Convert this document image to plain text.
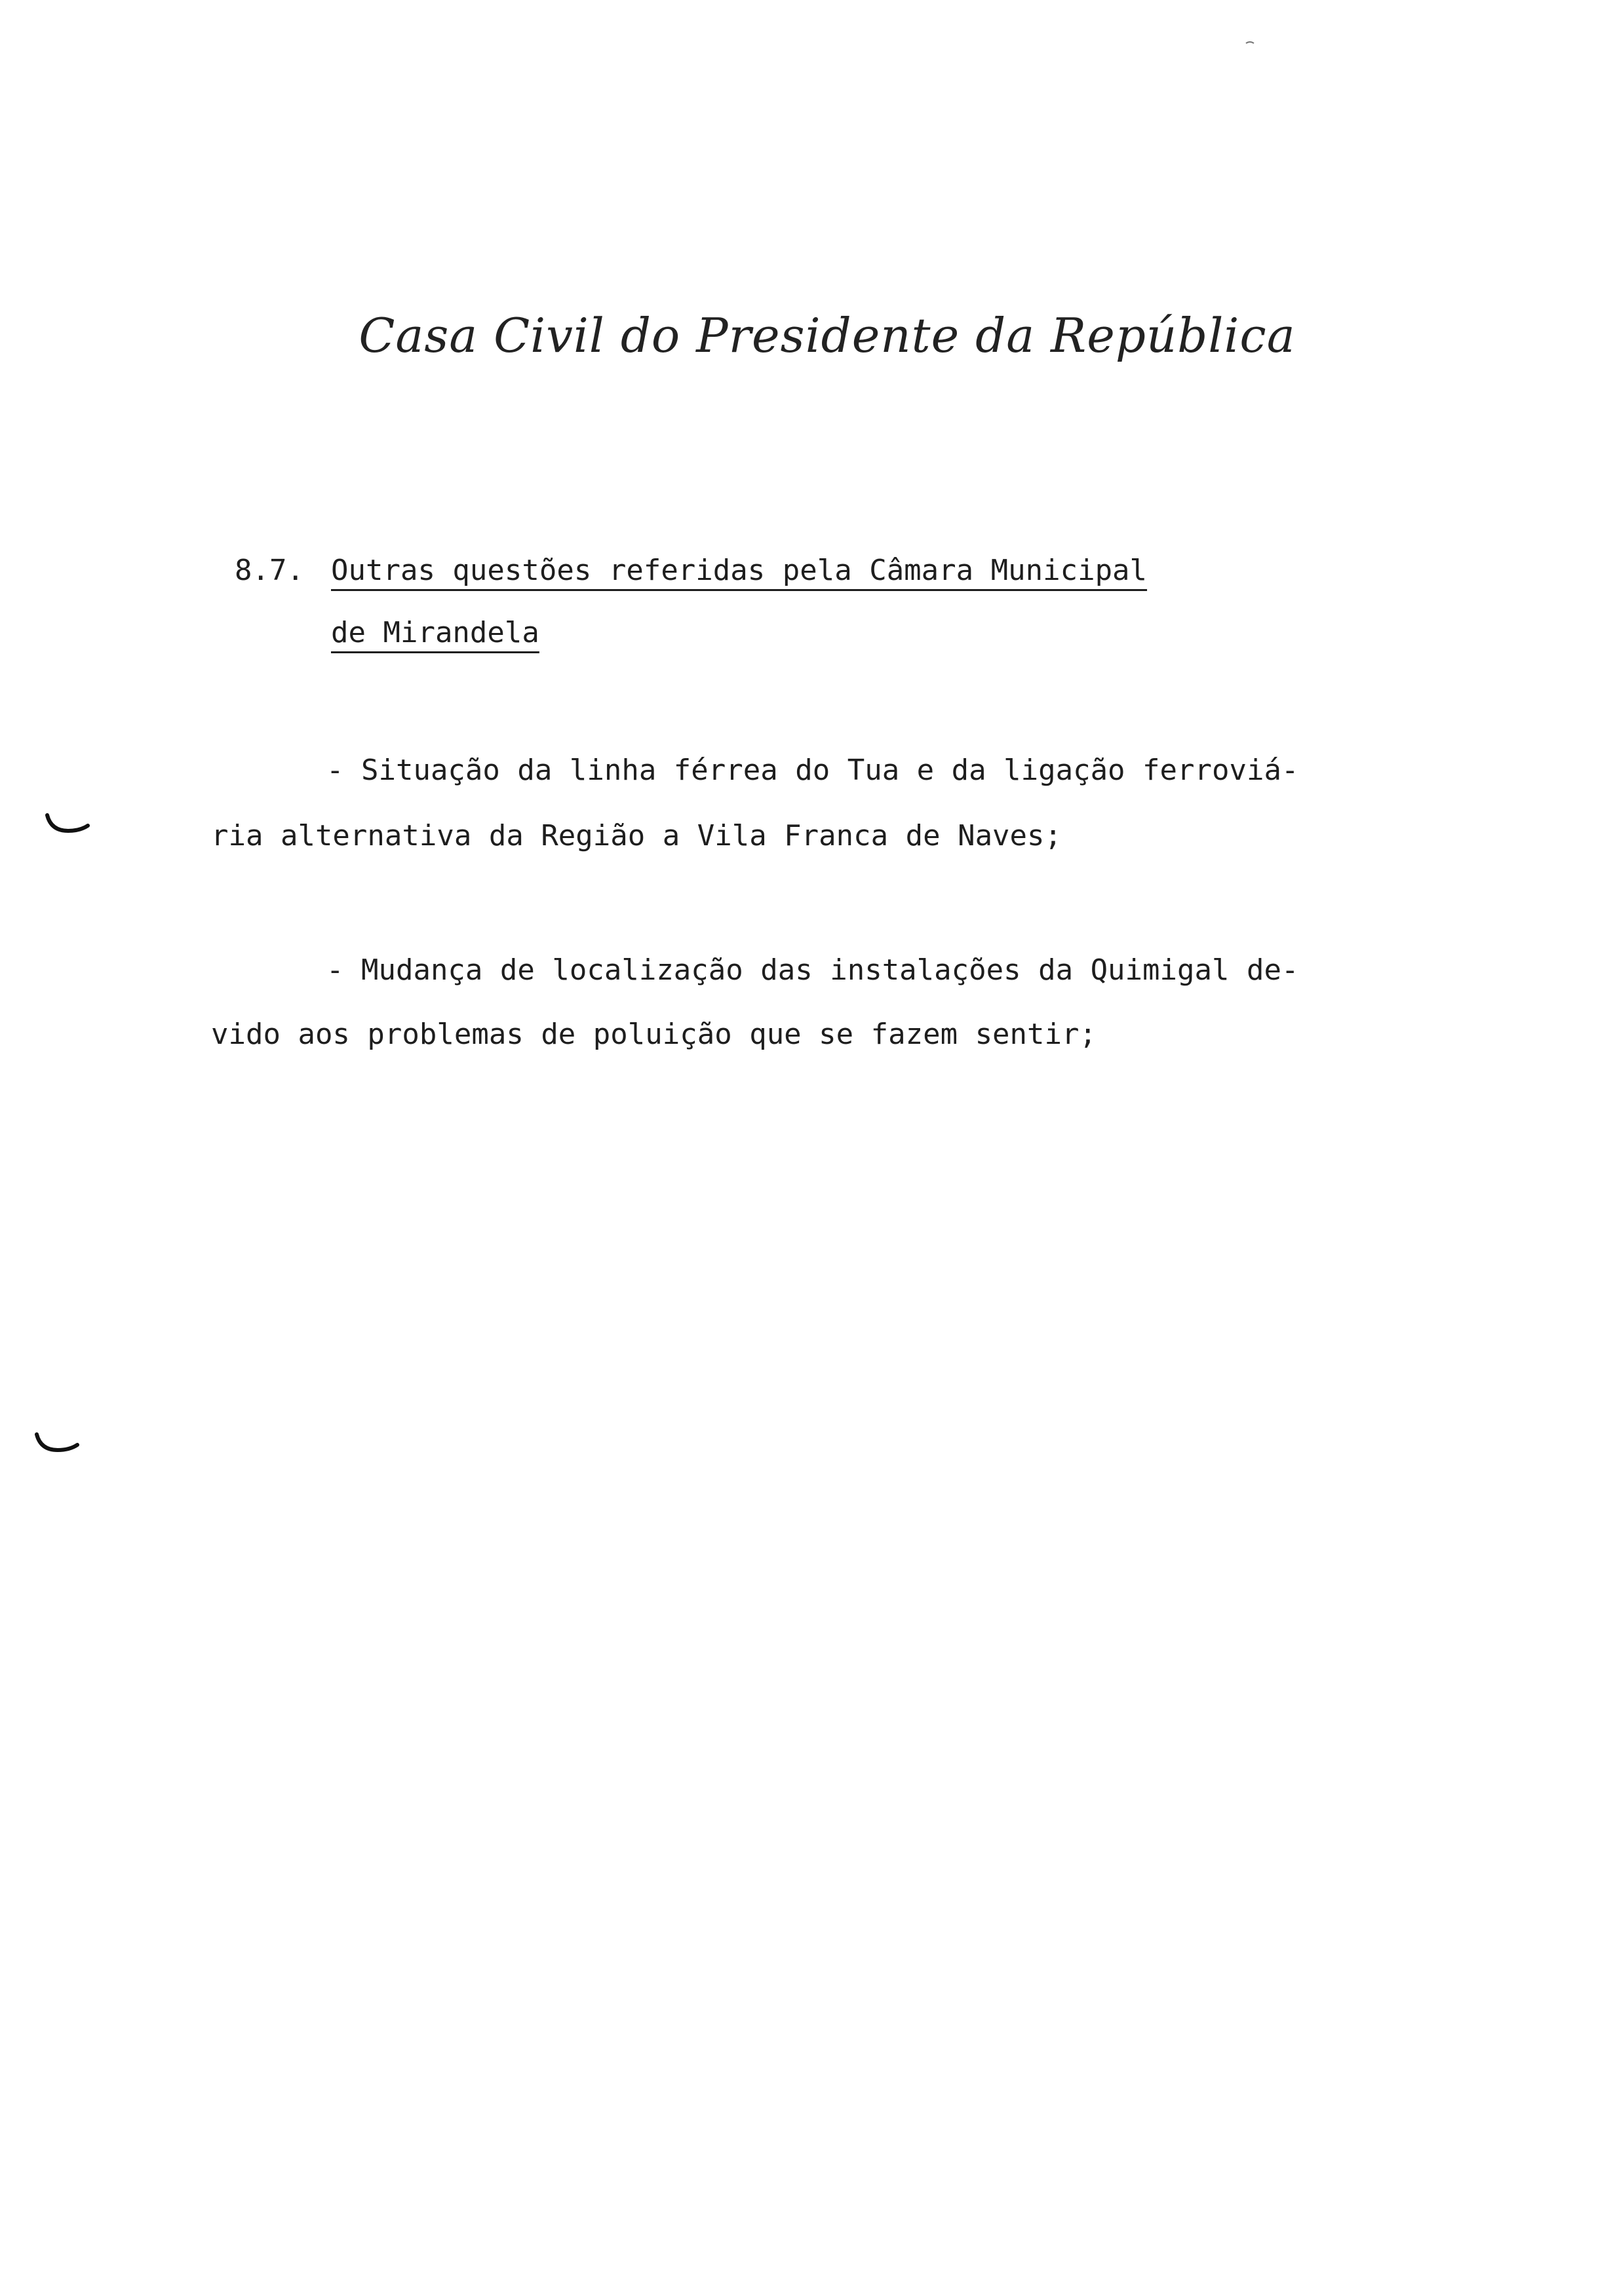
Casa Civil do Presidente da República
8.7. Outras questões referidas pela Câmara Municipal
de Mirandela
- Situação da linha férrea do Tua e da ligação ferroviá-
ria alternativa da Região a Vila Franca de Naves;
- Mudança de localização das instalações da Quimigal de-
vido aos problemas de poluição que se fazem sentir;
